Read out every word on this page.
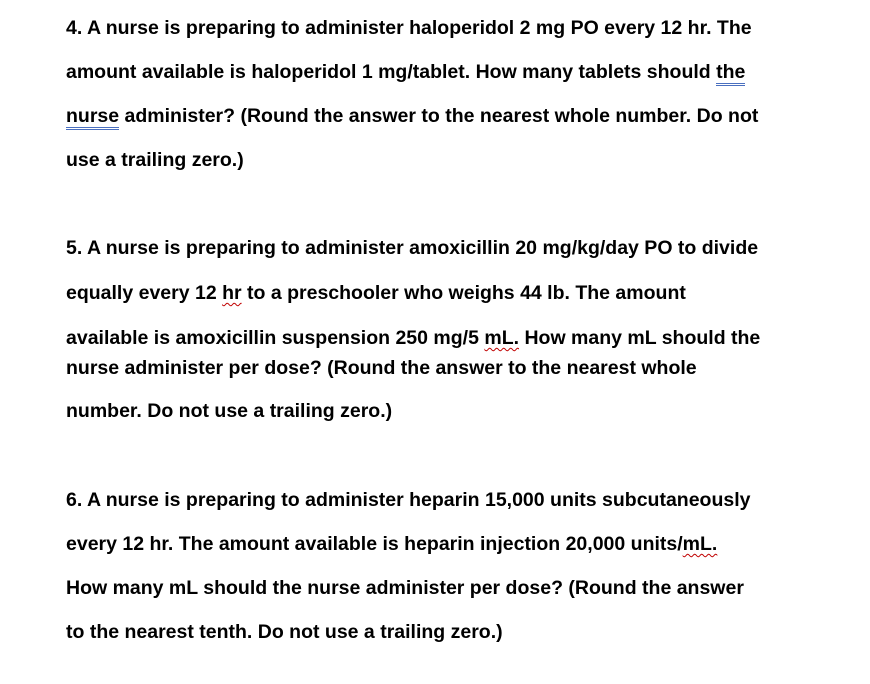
4. A nurse is preparing to administer haloperidol 2 mg PO every 12 hr. The
amount available is haloperidol 1 mg/tablet. How many tablets should the
nurse administer? (Round the answer to the nearest whole number. Do not
use a trailing zero.)
5. A nurse is preparing to administer amoxicillin 20 mg/kg/day PO to divide
equally every 12 hr to a preschooler who weighs 44 lb. The amount
available is amoxicillin suspension 250 mg/5 mL. How many mL should the
nurse administer per dose? (Round the answer to the nearest whole
number. Do not use a trailing zero.)
6. A nurse is preparing to administer heparin 15,000 units subcutaneously
every 12 hr. The amount available is heparin injection 20,000 units/mL.
How many mL should the nurse administer per dose? (Round the answer
to the nearest tenth. Do not use a trailing zero.)
